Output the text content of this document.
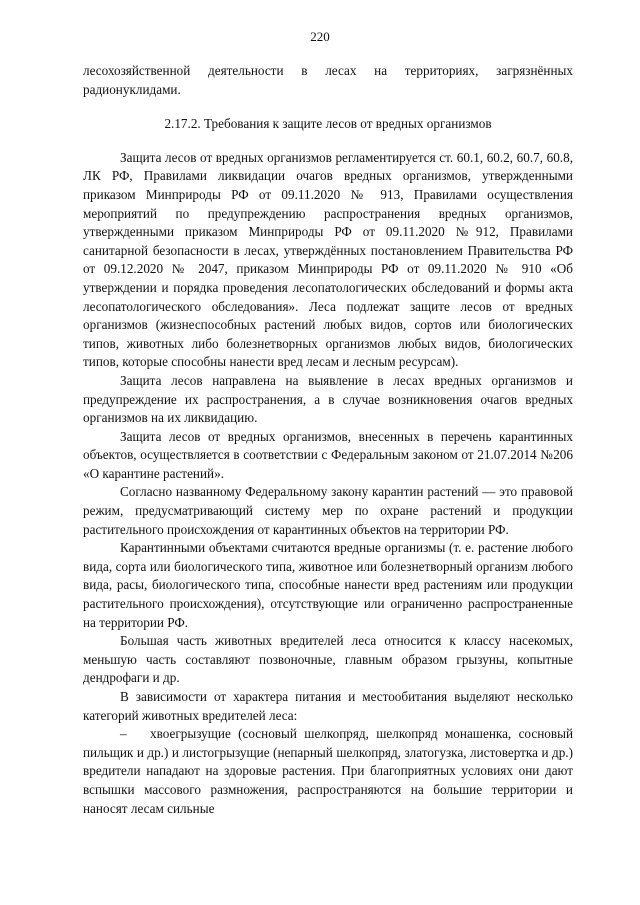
220

лесохозяйственной деятельности в лесах на территориях, загрязнённых радионуклидами.

2.17.2. Требования к защите лесов от вредных организмов

Защита лесов от вредных организмов регламентируется ст. 60.1, 60.2, 60.7, 60.8, ЛК РФ, Правилами ликвидации очагов вредных организмов, утвержденными приказом Минприроды РФ от 09.11.2020 № 913, Правилами осуществления мероприятий по предупреждению распространения вредных организмов, утвержденными приказом Минприроды РФ от 09.11.2020 №912, Правилами санитарной безопасности в лесах, утверждённых постановлением Правительства РФ от 09.12.2020 № 2047, приказом Минприроды РФ от 09.11.2020 № 910 «Об утверждении и порядка проведения лесопатологических обследований и формы акта лесопатологического обследования». Леса подлежат защите лесов от вредных организмов (жизнеспособных растений любых видов, сортов или биологических типов, животных либо болезнетворных организмов любых видов, биологических типов, которые способны нанести вред лесам и лесным ресурсам).

Защита лесов направлена на выявление в лесах вредных организмов и предупреждение их распространения, а в случае возникновения очагов вредных организмов на их ликвидацию.

Защита лесов от вредных организмов, внесенных в перечень карантинных объектов, осуществляется в соответствии с Федеральным законом от 21.07.2014 №206 «О карантине растений».

Согласно названному Федеральному закону карантин растений — это правовой режим, предусматривающий систему мер по охране растений и продукции растительного происхождения от карантинных объектов на территории РФ.

Карантинными объектами считаются вредные организмы (т. е. растение любого вида, сорта или биологического типа, животное или болезнетворный организм любого вида, расы, биологического типа, способные нанести вред растениям или продукции растительного происхождения), отсутствующие или ограниченно распространенные на территории РФ.

Большая часть животных вредителей леса относится к классу насекомых, меньшую часть составляют позвоночные, главным образом грызуны, копытные дендрофаги и др.

В зависимости от характера питания и местообитания выделяют несколько категорий животных вредителей леса:

– хвоегрызущие (сосновый шелкопряд, шелкопряд монашенка, сосновый пильщик и др.) и листогрызущие (непарный шелкопряд, златогузка, листовертка и др.) вредители нападают на здоровые растения. При благоприятных условиях они дают вспышки массового размножения, распространяются на большие территории и наносят лесам сильные
